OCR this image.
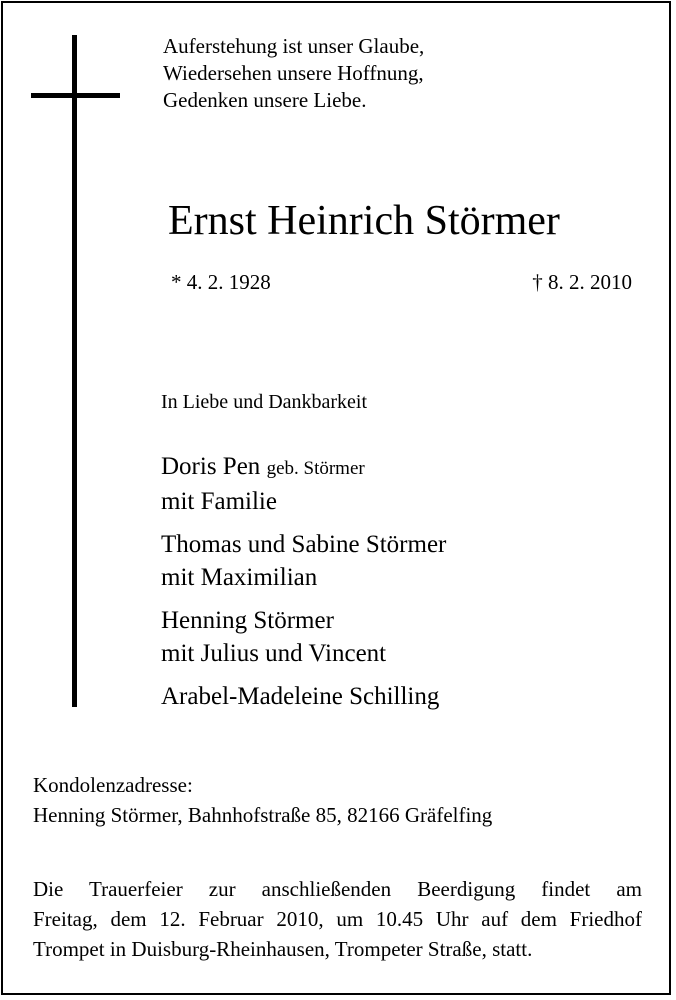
Auferstehung ist unser Glaube,
Wiedersehen unsere Hoffnung,
Gedenken unsere Liebe.
Ernst Heinrich Störmer
* 4. 2. 1928	† 8. 2. 2010
In Liebe und Dankbarkeit
Doris Pen geb. Störmer
mit Familie
Thomas und Sabine Störmer
mit Maximilian
Henning Störmer
mit Julius und Vincent
Arabel-Madeleine Schilling
Kondolenzadresse:
Henning Störmer, Bahnhofstraße 85, 82166 Gräfelfing
Die Trauerfeier zur anschließenden Beerdigung findet am
Freitag, dem 12. Februar 2010, um 10.45 Uhr auf dem Friedhof
Trompet in Duisburg-Rheinhausen, Trompeter Straße, statt.
